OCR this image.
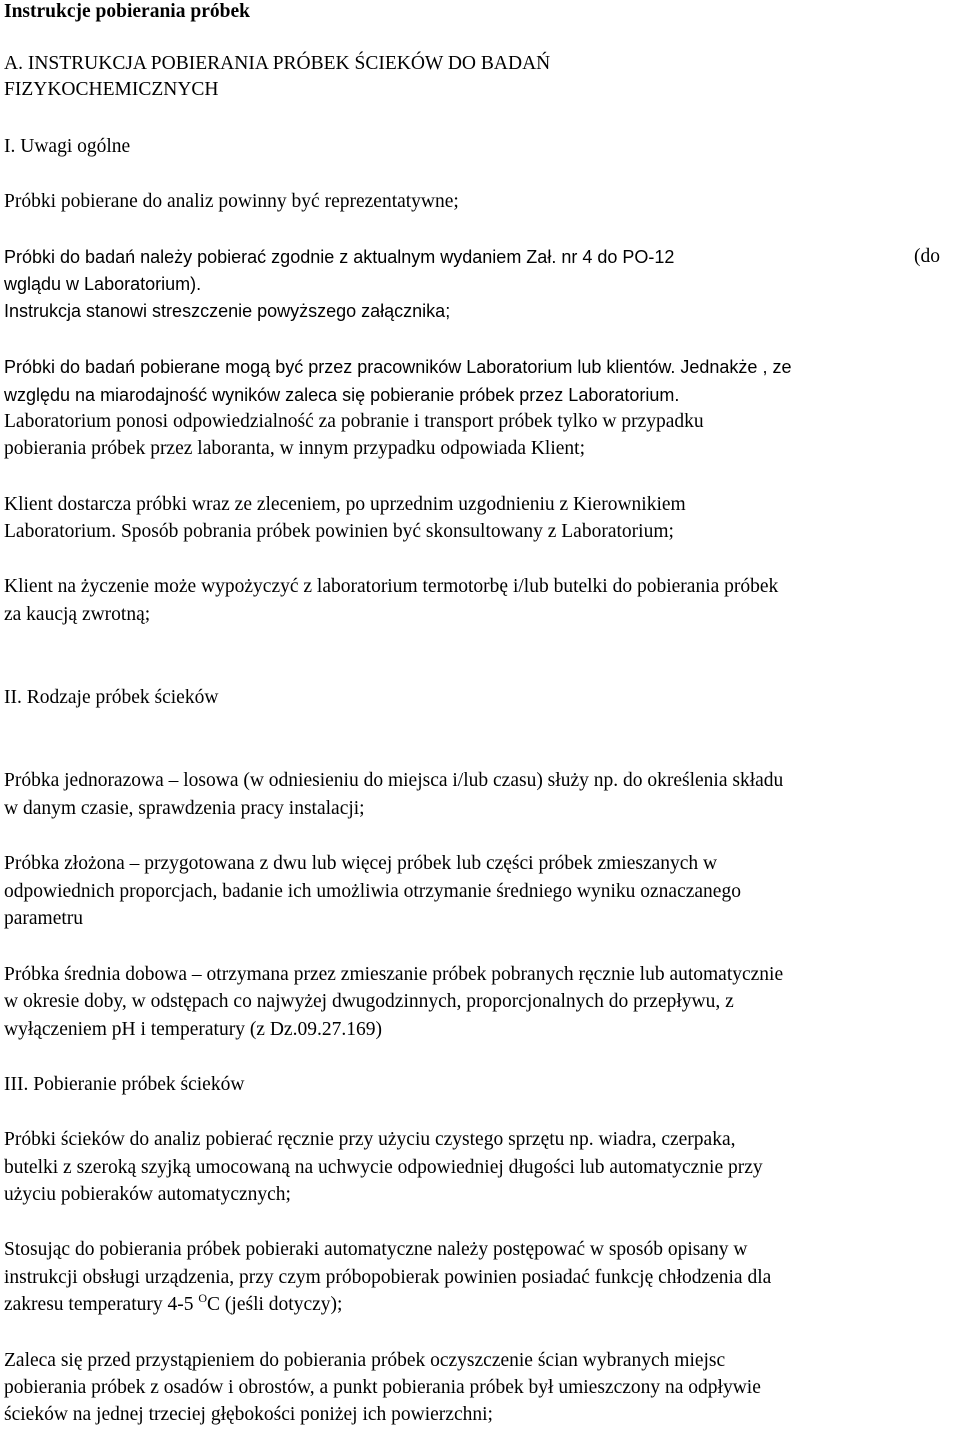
Instrukcje pobierania próbek
A. INSTRUKCJA POBIERANIA PRÓBEK ŚCIEKÓW DO BADAŃ
FIZYKOCHEMICZNYCH
I. Uwagi ogólne
Próbki pobierane do analiz powinny być reprezentatywne;
Próbki do badań należy pobierać zgodnie z aktualnym wydaniem Zał. nr 4 do PO-12	(do
wglądu w Laboratorium).
Instrukcja stanowi streszczenie powyższego załącznika;
Próbki do badań pobierane mogą być przez pracowników Laboratorium lub klientów. Jednakże , ze
względu na miarodajność wyników zaleca się pobieranie próbek przez Laboratorium.
Laboratorium ponosi odpowiedzialność za pobranie i transport próbek tylko w przypadku
pobierania próbek przez laboranta, w innym przypadku odpowiada Klient;
Klient dostarcza próbki wraz ze zleceniem, po uprzednim uzgodnieniu z Kierownikiem
Laboratorium. Sposób pobrania próbek powinien być skonsultowany z Laboratorium;
Klient na życzenie może wypożyczyć z laboratorium termotorbę i/lub butelki do pobierania próbek
za kaucją zwrotną;
II. Rodzaje próbek ścieków
Próbka jednorazowa – losowa (w odniesieniu do miejsca i/lub czasu) służy np. do określenia składu
w danym czasie, sprawdzenia pracy instalacji;
Próbka złożona – przygotowana z dwu lub więcej próbek lub części próbek zmieszanych w
odpowiednich proporcjach, badanie ich umożliwia otrzymanie średniego wyniku oznaczanego
parametru
Próbka średnia dobowa – otrzymana przez zmieszanie próbek pobranych ręcznie lub automatycznie
w okresie doby, w odstępach co najwyżej dwugodzinnych, proporcjonalnych do przepływu, z
wyłączeniem pH i temperatury (z Dz.09.27.169)
III. Pobieranie próbek ścieków
Próbki ścieków do analiz pobierać ręcznie przy użyciu czystego sprzętu np. wiadra, czerpaka,
butelki z szeroką szyjką umocowaną na uchwycie odpowiedniej długości lub automatycznie przy
użyciu pobieraków automatycznych;
Stosując do pobierania próbek pobieraki automatyczne należy postępować w sposób opisany w
instrukcji obsługi urządzenia, przy czym próbopobierak powinien posiadać funkcję chłodzenia dla
zakresu temperatury 4-5 $^O$C (jeśli dotyczy);
Zaleca się przed przystąpieniem do pobierania próbek oczyszczenie ścian wybranych miejsc
pobierania próbek z osadów i obrostów, a punkt pobierania próbek był umieszczony na odpływie
ścieków na jednej trzeciej głębokości poniżej ich powierzchni;
